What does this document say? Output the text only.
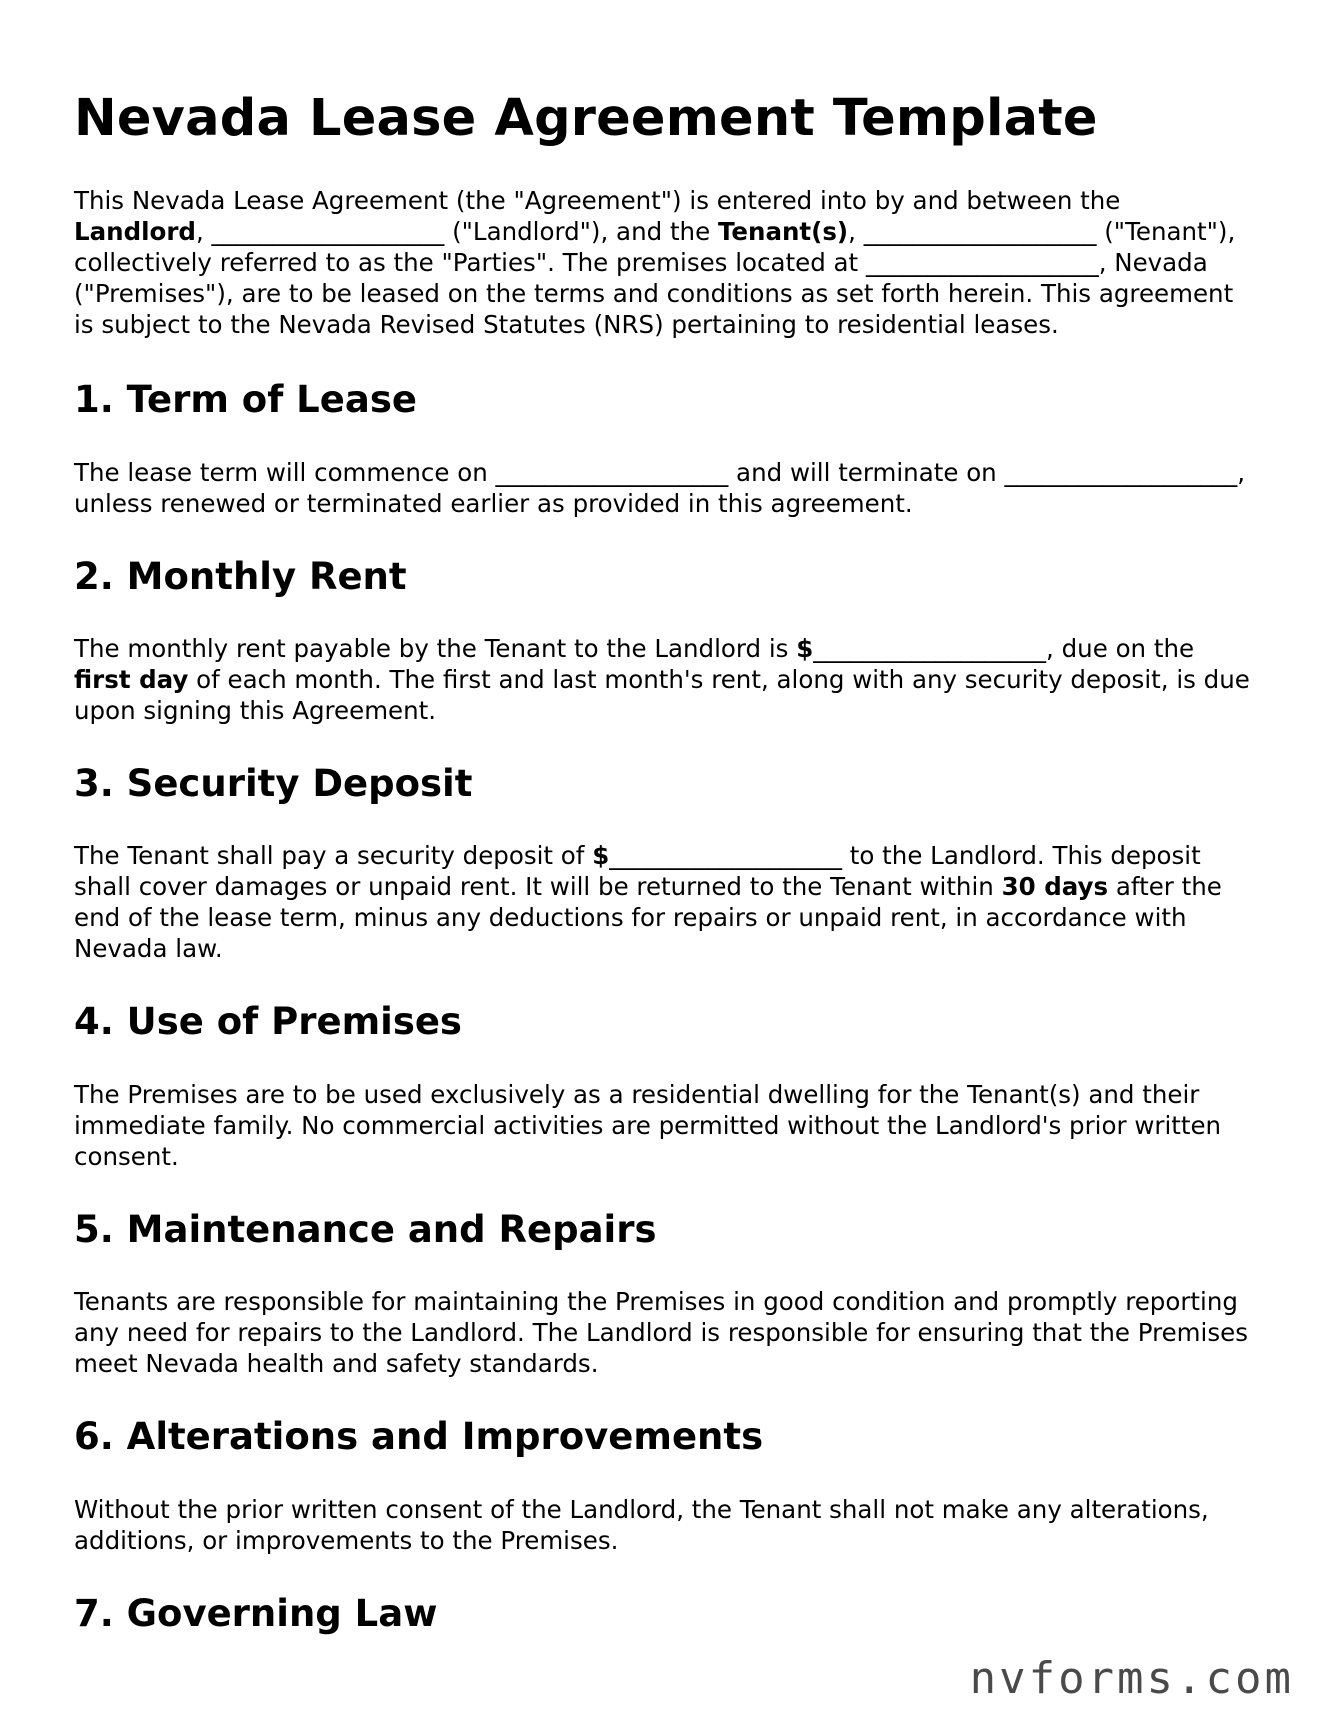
Nevada Lease Agreement Template

This Nevada Lease Agreement (the "Agreement") is entered into by and between the Landlord, ___________________ ("Landlord"), and the Tenant(s), ___________________ ("Tenant"), collectively referred to as the "Parties". The premises located at ___________________, Nevada ("Premises"), are to be leased on the terms and conditions as set forth herein. This agreement is subject to the Nevada Revised Statutes (NRS) pertaining to residential leases.

1. Term of Lease

The lease term will commence on ___________________ and will terminate on ___________________, unless renewed or terminated earlier as provided in this agreement.

2. Monthly Rent

The monthly rent payable by the Tenant to the Landlord is $___________________, due on the first day of each month. The first and last month's rent, along with any security deposit, is due upon signing this Agreement.

3. Security Deposit

The Tenant shall pay a security deposit of $___________________ to the Landlord. This deposit shall cover damages or unpaid rent. It will be returned to the Tenant within 30 days after the end of the lease term, minus any deductions for repairs or unpaid rent, in accordance with Nevada law.

4. Use of Premises

The Premises are to be used exclusively as a residential dwelling for the Tenant(s) and their immediate family. No commercial activities are permitted without the Landlord's prior written consent.

5. Maintenance and Repairs

Tenants are responsible for maintaining the Premises in good condition and promptly reporting any need for repairs to the Landlord. The Landlord is responsible for ensuring that the Premises meet Nevada health and safety standards.

6. Alterations and Improvements

Without the prior written consent of the Landlord, the Tenant shall not make any alterations, additions, or improvements to the Premises.

7. Governing Law
nvforms.com
